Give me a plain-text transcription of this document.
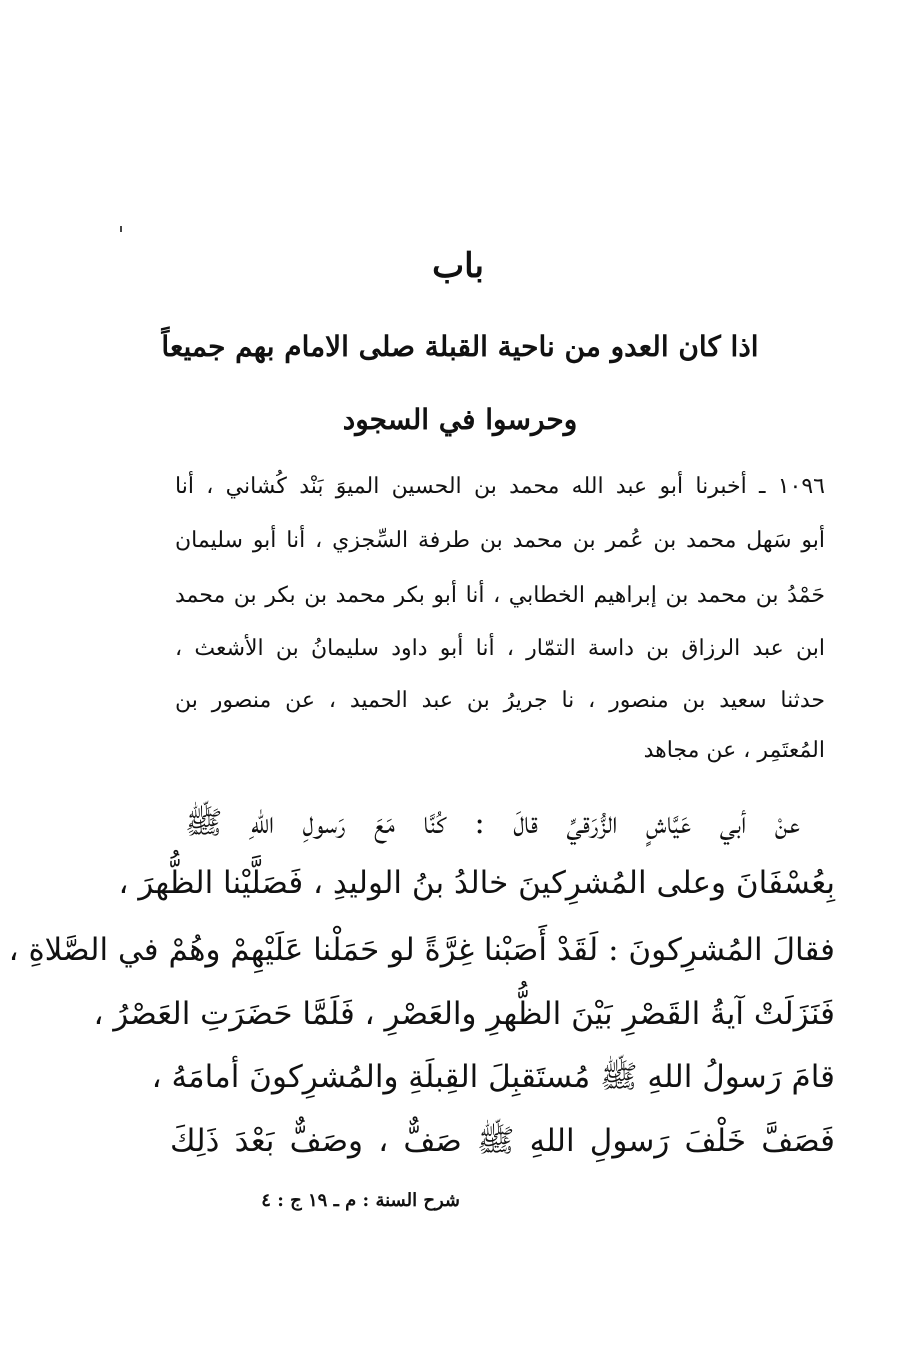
باب
اذا كان العدو من ناحية القبلة صلى الامام بهم جميعاً
وحرسوا في السجود
١٠٩٦ ـ أخبرنا أبو عبد الله محمد بن الحسين الميوَ بَنْد كُشاني ، أنا
أبو سَهل محمد بن عُمر بن محمد بن طرفة السِّجزي ، أنا أبو سليمان
حَمْدُ بن محمد بن إبراهيم الخطابي ، أنا أبو بكر محمد بن بكر بن محمد
ابن عبد الرزاق بن داسة التمّار ، أنا أبو داود سليمانُ بن الأشعث ،
حدثنا سعيد بن منصور ، نا جريرُ بن عبد الحميد ، عن منصور بن
المُعتَمِر ، عن مجاهد
عنْ أبي عَيَّاشٍ الزُّرَقيِّ قالَ : كُنَّا مَعَ رَسولِ اللهِ ﷺ
بِعُسْفَانَ وعلى المُشرِكينَ خالدُ بنُ الوليدِ ، فَصَلَّيْنا الظُّهرَ ،
فقالَ المُشرِكونَ : لَقَدْ أَصَبْنا غِرَّةً لو حَمَلْنا عَلَيْهِمْ وهُمْ في الصَّلاةِ ،
فَنَزَلَتْ آيةُ القَصْرِ بَيْنَ الظُّهرِ والعَصْرِ ، فَلَمَّا حَضَرَتِ العَصْرُ ،
قامَ رَسولُ اللهِ ﷺ مُستَقبِلَ القِبلَةِ والمُشرِكونَ أمامَهُ ،
فَصَفَّ خَلْفَ رَسولِ اللهِ ﷺ صَفٌّ ، وصَفٌّ بَعْدَ ذَلِكَ
شرح السنة : م ـ ١٩ ج : ٤
